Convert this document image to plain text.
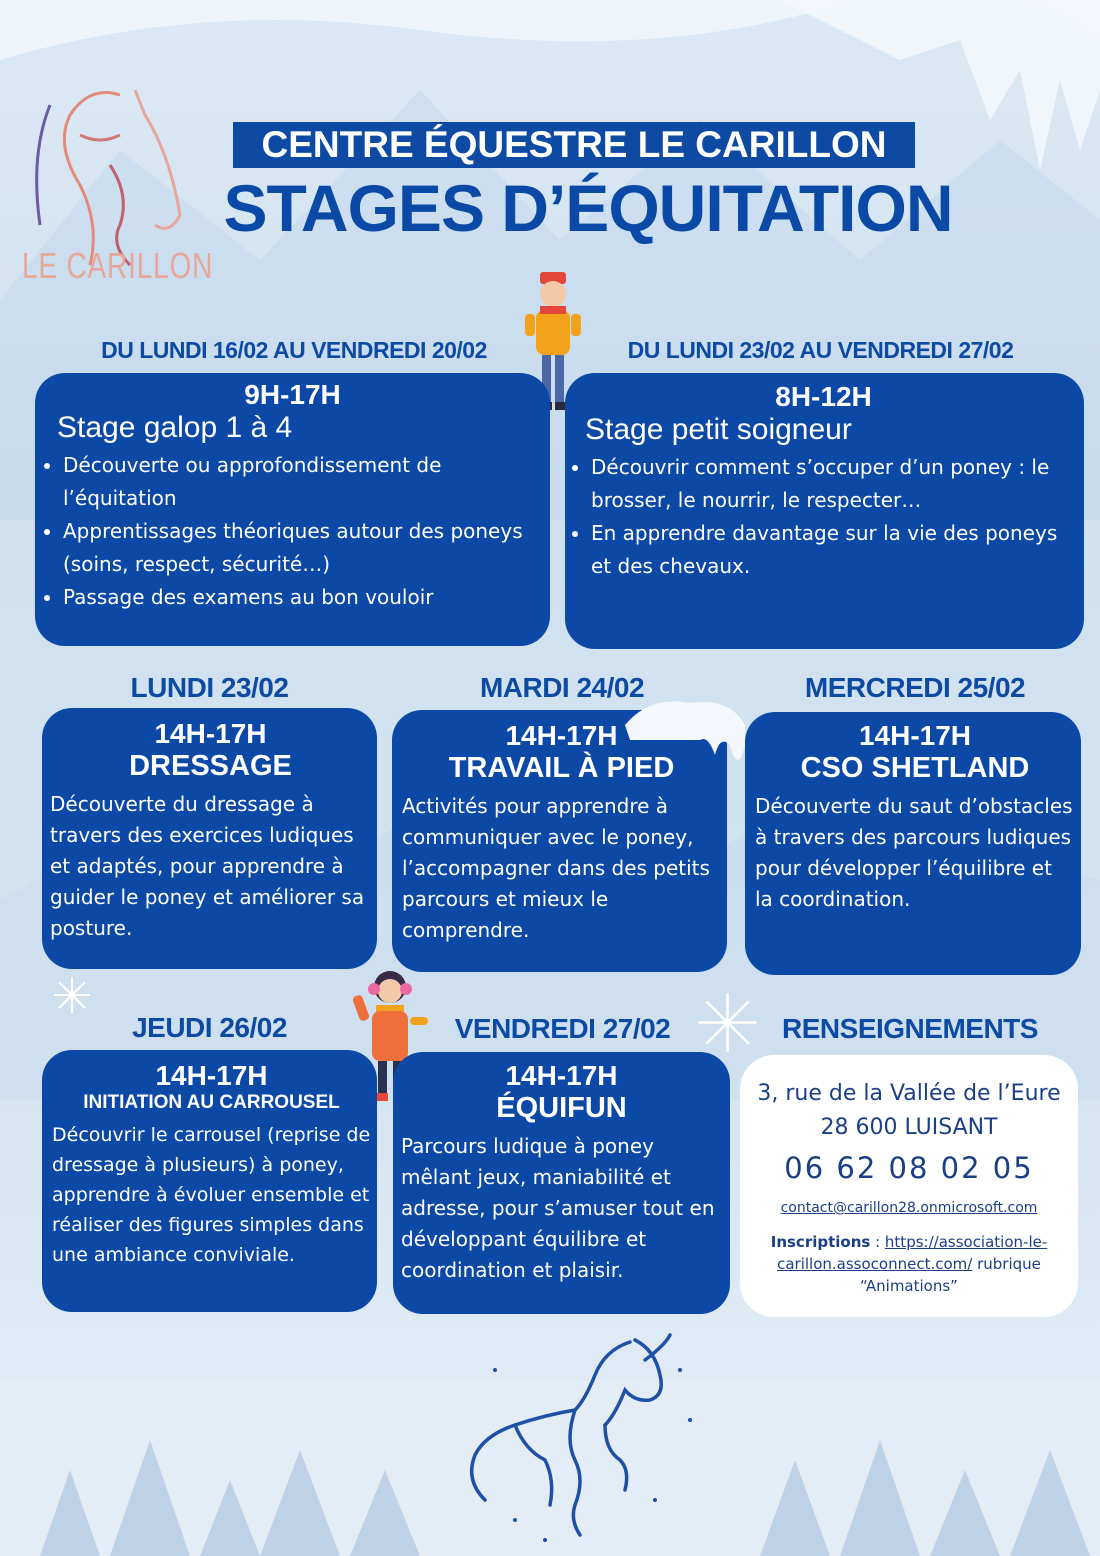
LE CARILLON
CENTRE ÉQUESTRE LE CARILLON
STAGES D’ÉQUITATION
DU LUNDI 16/02 AU VENDREDI 20/02
9H-17H
Stage galop 1 à 4
• Découverte ou approfondissement de l’équitation
• Apprentissages théoriques autour des poneys (soins, respect, sécurité…)
• Passage des examens au bon vouloir
DU LUNDI 23/02 AU VENDREDI 27/02
8H-12H
Stage petit soigneur
• Découvrir comment s’occuper d’un poney : le brosser, le nourrir, le respecter…
• En apprendre davantage sur la vie des poneys et des chevaux.
LUNDI 23/02
14H-17H
DRESSAGE

Découverte du dressage à travers des exercices ludiques et adaptés, pour apprendre à guider le poney et améliorer sa posture.

MARDI 24/02
14H-17H
TRAVAIL À PIED

Activités pour apprendre à communiquer avec le poney, l’accompagner dans des petits parcours et mieux le comprendre.

MERCREDI 25/02
14H-17H
CSO SHETLAND

Découverte du saut d’obstacles à travers des parcours ludiques pour développer l’équilibre et la coordination.

JEUDI 26/02
14H-17H
INITIATION AU CARROUSEL

Découvrir le carrousel (reprise de dressage à plusieurs) à poney, apprendre à évoluer ensemble et réaliser des figures simples dans une ambiance conviviale.

VENDREDI 27/02
14H-17H
ÉQUIFUN

Parcours ludique à poney mêlant jeux, maniabilité et adresse, pour s’amuser tout en développant équilibre et coordination et plaisir.

RENSEIGNEMENTS
3, rue de la Vallée de l’Eure
28 600 LUISANT
06 62 08 02 05
contact@carillon28.onmicrosoft.com
Inscriptions : https://association-le-carillon.assoconnect.com/ rubrique “Animations”
